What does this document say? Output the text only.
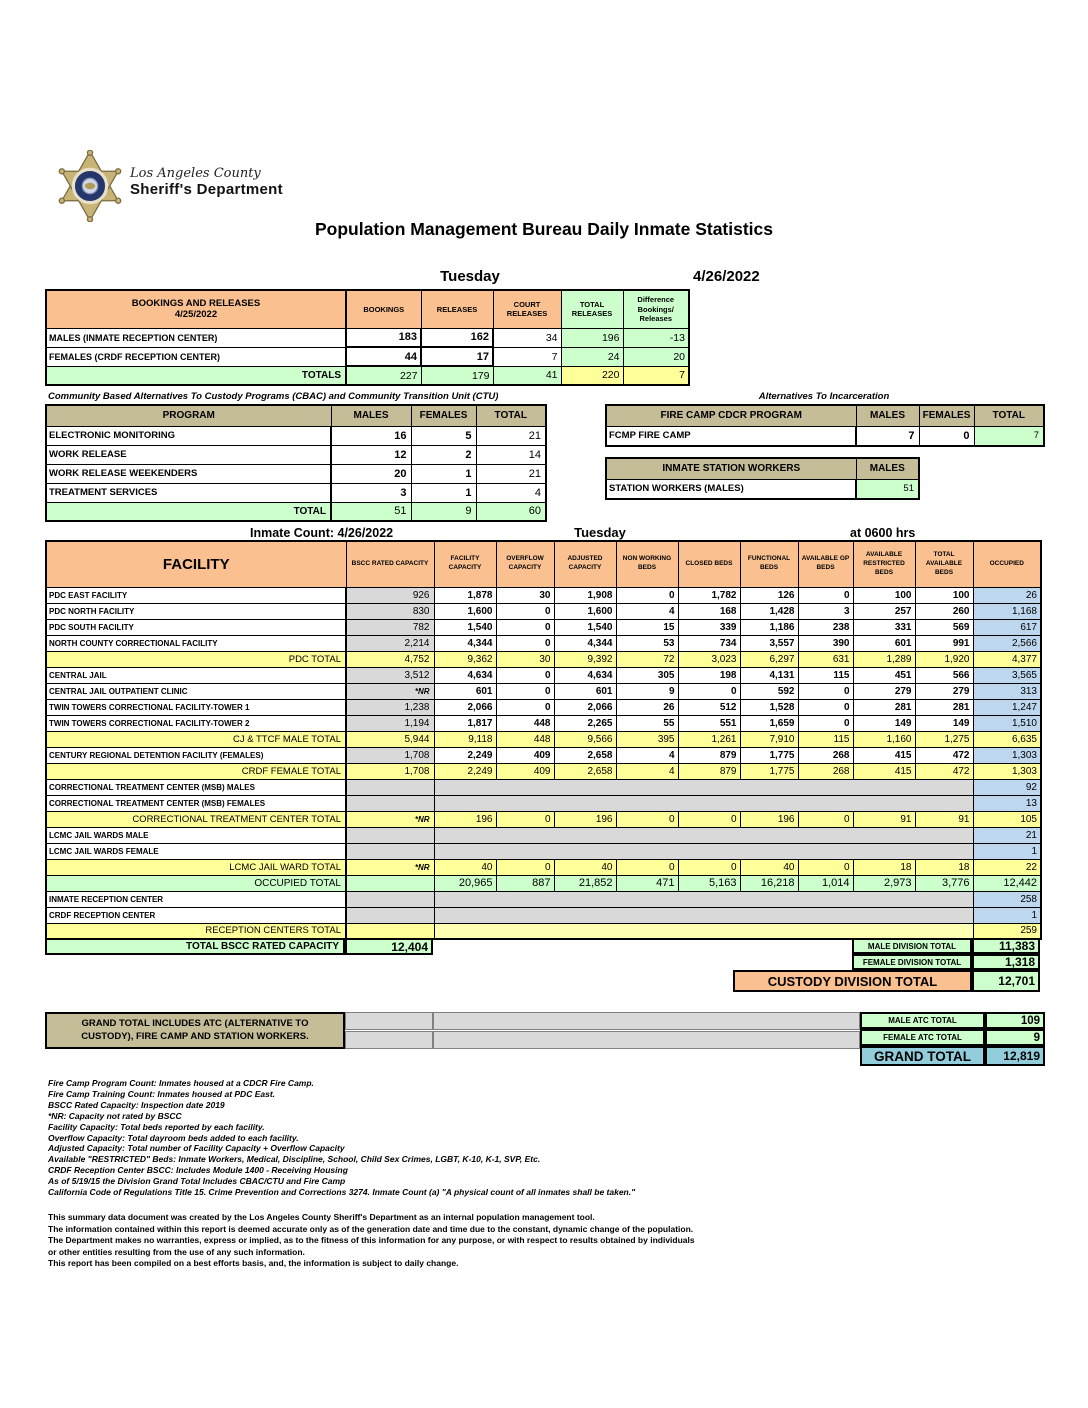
Los Angeles County
Sheriff's Department
Population Management Bureau Daily Inmate Statistics
Tuesday	4/26/2022
BOOKINGS AND RELEASES
4/25/2022	BOOKINGS	RELEASES	COURT RELEASES	TOTAL RELEASES	Difference Bookings/ Releases
MALES (INMATE RECEPTION CENTER)	183	162	34	196	-13
FEMALES (CRDF RECEPTION CENTER)	44	17	7	24	20
TOTALS	227	179	41	220	7
Community Based Alternatives To Custody Programs (CBAC) and Community Transition Unit (CTU)	Alternatives To Incarceration
PROGRAM	MALES	FEMALES	TOTAL
ELECTRONIC MONITORING	16	5	21
WORK RELEASE	12	2	14
WORK RELEASE WEEKENDERS	20	1	21
TREATMENT SERVICES	3	1	4
TOTAL	51	9	60
FIRE CAMP CDCR PROGRAM	MALES	FEMALES	TOTAL
FCMP FIRE CAMP	7	0	7
INMATE STATION WORKERS	MALES
STATION WORKERS (MALES)	51
Inmate Count: 4/26/2022	Tuesday	at 0600 hrs
FACILITY	BSCC RATED CAPACITY	FACILITY CAPACITY	OVERFLOW CAPACITY	ADJUSTED CAPACITY	NON WORKING BEDS	CLOSED BEDS	FUNCTIONAL BEDS	AVAILABLE GP BEDS	AVAILABLE RESTRICTED BEDS	TOTAL AVAILABLE BEDS	OCCUPIED
PDC EAST FACILITY	926	1,878	30	1,908	0	1,782	126	0	100	100	26
PDC NORTH FACILITY	830	1,600	0	1,600	4	168	1,428	3	257	260	1,168
PDC SOUTH FACILITY	782	1,540	0	1,540	15	339	1,186	238	331	569	617
NORTH COUNTY CORRECTIONAL FACILITY	2,214	4,344	0	4,344	53	734	3,557	390	601	991	2,566
PDC TOTAL	4,752	9,362	30	9,392	72	3,023	6,297	631	1,289	1,920	4,377
CENTRAL JAIL	3,512	4,634	0	4,634	305	198	4,131	115	451	566	3,565
CENTRAL JAIL OUTPATIENT CLINIC	*NR	601	0	601	9	0	592	0	279	279	313
TWIN TOWERS CORRECTIONAL FACILITY-TOWER 1	1,238	2,066	0	2,066	26	512	1,528	0	281	281	1,247
TWIN TOWERS CORRECTIONAL FACILITY-TOWER 2	1,194	1,817	448	2,265	55	551	1,659	0	149	149	1,510
CJ & TTCF MALE TOTAL	5,944	9,118	448	9,566	395	1,261	7,910	115	1,160	1,275	6,635
CENTURY REGIONAL DETENTION FACILITY (FEMALES)	1,708	2,249	409	2,658	4	879	1,775	268	415	472	1,303
CRDF FEMALE TOTAL	1,708	2,249	409	2,658	4	879	1,775	268	415	472	1,303
CORRECTIONAL TREATMENT CENTER (MSB) MALES											92
CORRECTIONAL TREATMENT CENTER (MSB) FEMALES											13
CORRECTIONAL TREATMENT CENTER TOTAL	*NR	196	0	196	0	0	196	0	91	91	105
LCMC JAIL WARDS MALE											21
LCMC JAIL WARDS FEMALE											1
LCMC JAIL WARD TOTAL	*NR	40	0	40	0	0	40	0	18	18	22
OCCUPIED TOTAL		20,965	887	21,852	471	5,163	16,218	1,014	2,973	3,776	12,442
INMATE RECEPTION CENTER											258
CRDF RECEPTION CENTER											1
RECEPTION CENTERS TOTAL											259
TOTAL BSCC RATED CAPACITY	12,404	MALE DIVISION TOTAL	11,383
FEMALE DIVISION TOTAL	1,318
CUSTODY DIVISION TOTAL	12,701
GRAND TOTAL INCLUDES ATC (ALTERNATIVE TO CUSTODY), FIRE CAMP AND STATION WORKERS.
MALE ATC TOTAL	109
FEMALE ATC TOTAL	9
GRAND TOTAL	12,819
Fire Camp Program Count: Inmates housed at a CDCR Fire Camp.
Fire Camp Training Count: Inmates housed at PDC East.
BSCC Rated Capacity: Inspection date 2019
*NR: Capacity not rated by BSCC
Facility Capacity: Total beds reported by each facility.
Overflow Capacity: Total dayroom beds added to each facility.
Adjusted Capacity: Total number of Facility Capacity + Overflow Capacity
Available "RESTRICTED" Beds: Inmate Workers, Medical, Discipline, School, Child Sex Crimes, LGBT, K-10, K-1, SVP, Etc.
CRDF Reception Center BSCC: Includes Module 1400 - Receiving Housing
As of 5/19/15 the Division Grand Total Includes CBAC/CTU and Fire Camp
California Code of Regulations Title 15. Crime Prevention and Corrections 3274. Inmate Count (a) "A physical count of all inmates shall be taken."
This summary data document was created by the Los Angeles County Sheriff's Department as an internal population management tool.
The information contained within this report is deemed accurate only as of the generation date and time due to the constant, dynamic change of the population.
The Department makes no warranties, express or implied, as to the fitness of this information for any purpose, or with respect to results obtained by individuals
or other entities resulting from the use of any such information.
This report has been compiled on a best efforts basis, and, the information is subject to daily change.
